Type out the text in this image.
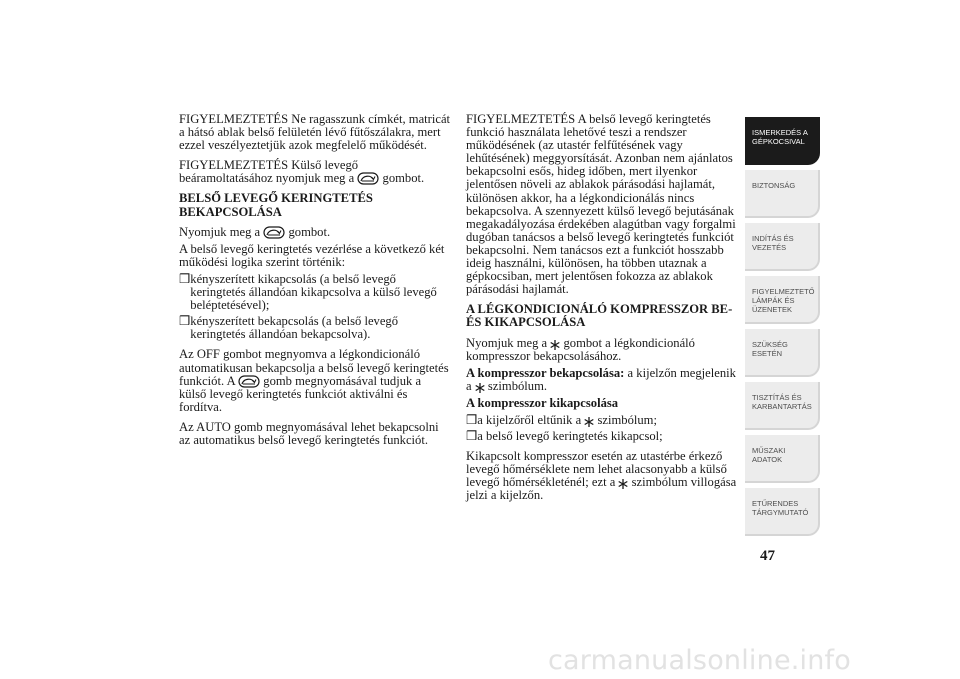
FIGYELMEZTETÉS Ne ragasszunk címkét, matricát a hátsó ablak belső felületén lévő fűtőszálakra, mert ezzel veszélyeztetjük azok megfelelő működését.

FIGYELMEZTETÉS Külső levegő beáramoltatásához nyomjuk meg a gombot.

BELSŐ LEVEGŐ KERINGTETÉS BEKAPCSOLÁSA

Nyomjuk meg a gombot.

A belső levegő keringtetés vezérlése a következő két működési logika szerint történik:

❒ kényszerített kikapcsolás (a belső levegő keringtetés állandóan kikapcsolva a külső levegő beléptetésével);
❒ kényszerített bekapcsolás (a belső levegő keringtetés állandóan bekapcsolva).

Az OFF gombot megnyomva a légkondicionáló automatikusan bekapcsolja a belső levegő keringtetés funkciót. A gomb megnyomásával tudjuk a külső levegő keringtetés funkciót aktiválni és fordítva.

Az AUTO gomb megnyomásával lehet bekapcsolni az automatikus belső levegő keringtetés funkciót.

FIGYELMEZTETÉS A belső levegő keringtetés funkció használata lehetővé teszi a rendszer működésének (az utastér felfűtésének vagy lehűtésének) meggyorsítását. Azonban nem ajánlatos bekapcsolni esős, hideg időben, mert ilyenkor jelentősen növeli az ablakok párásodási hajlamát, különösen akkor, ha a légkondicionálás nincs bekapcsolva. A szennyezett külső levegő bejutásának megakadályozása érdekében alagútban vagy forgalmi dugóban tanácsos a belső levegő keringtetés funkciót bekapcsolni. Nem tanácsos ezt a funkciót hosszabb ideig használni, különösen, ha többen utaznak a gépkocsiban, mert jelentősen fokozza az ablakok párásodási hajlamát.

A LÉGKONDICIONÁLÓ KOMPRESSZOR BE- ÉS KIKAPCSOLÁSA

Nyomjuk meg a gombot a légkondicionáló kompresszor bekapcsolásához.

A kompresszor bekapcsolása: a kijelzőn megjelenik a szimbólum.

A kompresszor kikapcsolása

❒ a kijelzőről eltűnik a szimbólum;
❒ a belső levegő keringtetés kikapcsol;

Kikapcsolt kompresszor esetén az utastérbe érkező levegő hőmérséklete nem lehet alacsonyabb a külső levegő hőmérsékleténél; ezt a szimbólum villogása jelzi a kijelzőn.

ISMERKEDÉS A GÉPKOCSIVAL
BIZTONSÁG
INDÍTÁS ÉS VEZETÉS
FIGYELMEZTETŐ LÁMPÁK ÉS ÜZENETEK
SZÜKSÉG ESETÉN
TISZTÍTÁS ÉS KARBANTARTÁS
MŰSZAKI ADATOK
ETŰRENDES TÁRGYMUTATÓ
47
carmanualsonline.info
